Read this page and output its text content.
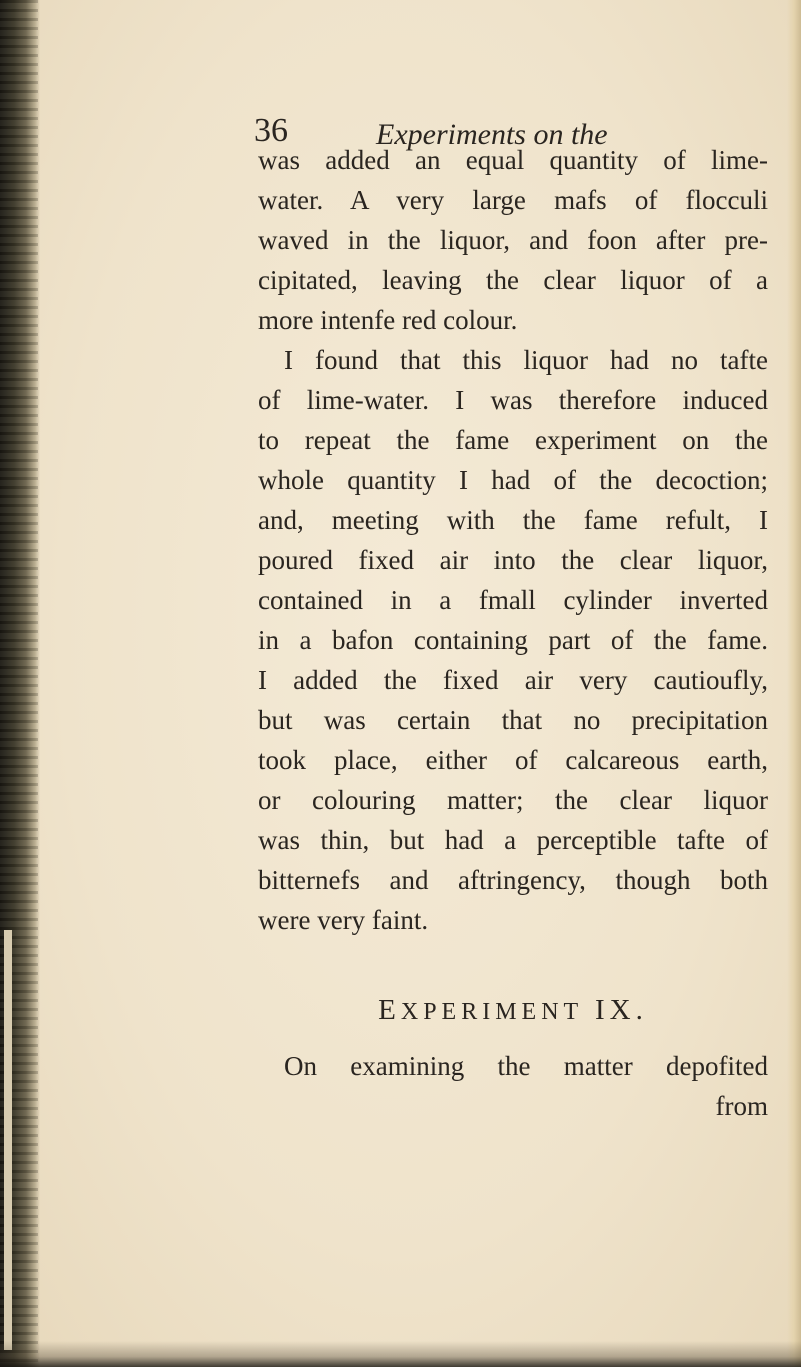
36	Experiments on the
was added an equal quantity of lime-
water. A very large mafs of flocculi
waved in the liquor, and foon after pre-
cipitated, leaving the clear liquor of a
more intenfe red colour.
I found that this liquor had no tafte
of lime-water. I was therefore induced
to repeat the fame experiment on the
whole quantity I had of the decoction;
and, meeting with the fame refult, I
poured fixed air into the clear liquor,
contained in a fmall cylinder inverted
in a bafon containing part of the fame.
I added the fixed air very cautioufly,
but was certain that no precipitation
took place, either of calcareous earth,
or colouring matter; the clear liquor
was thin, but had a perceptible tafte of
bitternefs and aftringency, though both
were very faint.
EXPERIMENT IX.
On examining the matter depofited
from
